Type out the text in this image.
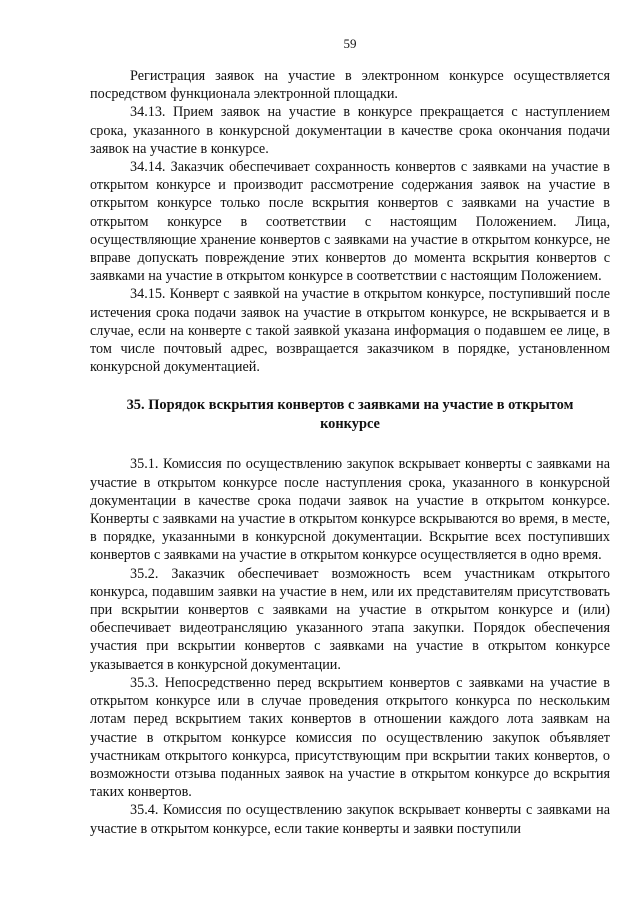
59

Регистрация заявок на участие в электронном конкурсе осуществляется посредством функционала электронной площадки.

34.13. Прием заявок на участие в конкурсе прекращается с наступлением срока, указанного в конкурсной документации в качестве срока окончания подачи заявок на участие в конкурсе.

34.14. Заказчик обеспечивает сохранность конвертов с заявками на участие в открытом конкурсе и производит рассмотрение содержания заявок на участие в открытом конкурсе только после вскрытия конвертов с заявками на участие в открытом конкурсе в соответствии с настоящим Положением. Лица, осуществляющие хранение конвертов с заявками на участие в открытом конкурсе, не вправе допускать повреждение этих конвертов до момента вскрытия конвертов с заявками на участие в открытом конкурсе в соответствии с настоящим Положением.

34.15. Конверт с заявкой на участие в открытом конкурсе, поступивший после истечения срока подачи заявок на участие в открытом конкурсе, не вскрывается и в случае, если на конверте с такой заявкой указана информация о подавшем ее лице, в том числе почтовый адрес, возвращается заказчиком в порядке, установленном конкурсной документацией.

35. Порядок вскрытия конвертов с заявками на участие в открытом конкурсе

35.1. Комиссия по осуществлению закупок вскрывает конверты с заявками на участие в открытом конкурсе после наступления срока, указанного в конкурсной документации в качестве срока подачи заявок на участие в открытом конкурсе. Конверты с заявками на участие в открытом конкурсе вскрываются во время, в месте, в порядке, указанными в конкурсной документации. Вскрытие всех поступивших конвертов с заявками на участие в открытом конкурсе осуществляется в одно время.

35.2. Заказчик обеспечивает возможность всем участникам открытого конкурса, подавшим заявки на участие в нем, или их представителям присутствовать при вскрытии конвертов с заявками на участие в открытом конкурсе и (или) обеспечивает видеотрансляцию указанного этапа закупки. Порядок обеспечения участия при вскрытии конвертов с заявками на участие в открытом конкурсе указывается в конкурсной документации.

35.3. Непосредственно перед вскрытием конвертов с заявками на участие в открытом конкурсе или в случае проведения открытого конкурса по нескольким лотам перед вскрытием таких конвертов в отношении каждого лота заявкам на участие в открытом конкурсе комиссия по осуществлению закупок объявляет участникам открытого конкурса, присутствующим при вскрытии таких конвертов, о возможности отзыва поданных заявок на участие в открытом конкурсе до вскрытия таких конвертов.

35.4. Комиссия по осуществлению закупок вскрывает конверты с заявками на участие в открытом конкурсе, если такие конверты и заявки поступили
